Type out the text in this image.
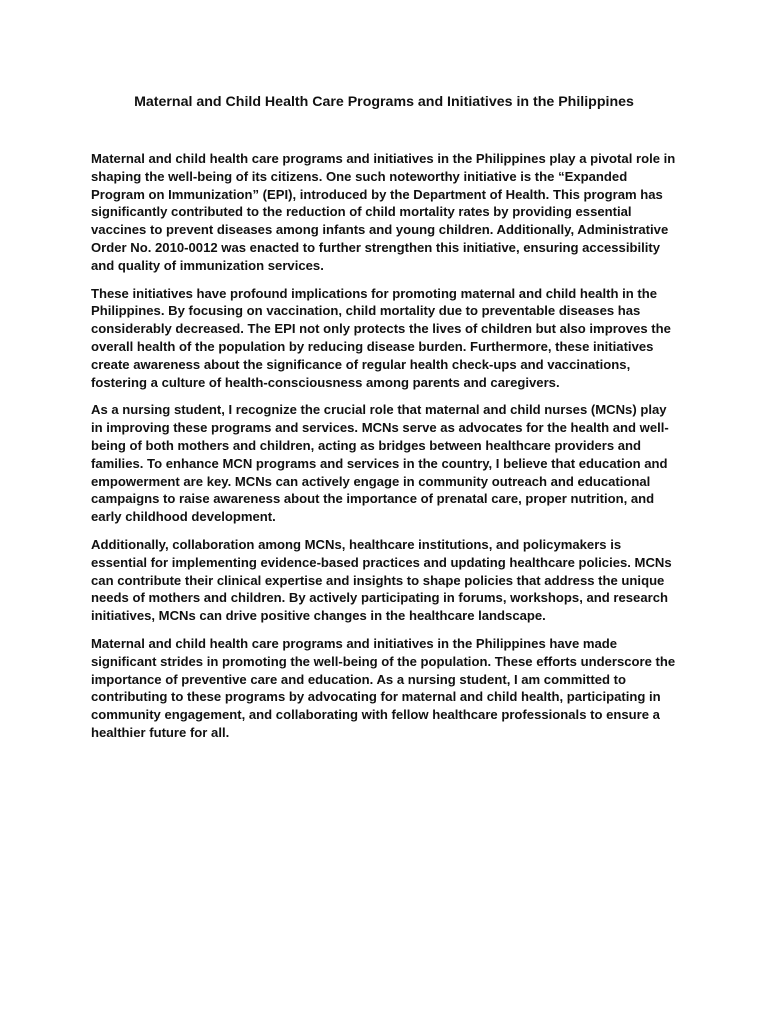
Maternal and Child Health Care Programs and Initiatives in the Philippines

Maternal and child health care programs and initiatives in the Philippines play a pivotal role in shaping the well-being of its citizens. One such noteworthy initiative is the “Expanded Program on Immunization” (EPI), introduced by the Department of Health. This program has significantly contributed to the reduction of child mortality rates by providing essential vaccines to prevent diseases among infants and young children. Additionally, Administrative Order No. 2010-0012 was enacted to further strengthen this initiative, ensuring accessibility and quality of immunization services.

These initiatives have profound implications for promoting maternal and child health in the Philippines. By focusing on vaccination, child mortality due to preventable diseases has considerably decreased. The EPI not only protects the lives of children but also improves the overall health of the population by reducing disease burden. Furthermore, these initiatives create awareness about the significance of regular health check-ups and vaccinations, fostering a culture of health-consciousness among parents and caregivers.

As a nursing student, I recognize the crucial role that maternal and child nurses (MCNs) play in improving these programs and services. MCNs serve as advocates for the health and well-being of both mothers and children, acting as bridges between healthcare providers and families. To enhance MCN programs and services in the country, I believe that education and empowerment are key. MCNs can actively engage in community outreach and educational campaigns to raise awareness about the importance of prenatal care, proper nutrition, and early childhood development.

Additionally, collaboration among MCNs, healthcare institutions, and policymakers is essential for implementing evidence-based practices and updating healthcare policies. MCNs can contribute their clinical expertise and insights to shape policies that address the unique needs of mothers and children. By actively participating in forums, workshops, and research initiatives, MCNs can drive positive changes in the healthcare landscape.

Maternal and child health care programs and initiatives in the Philippines have made significant strides in promoting the well-being of the population. These efforts underscore the importance of preventive care and education. As a nursing student, I am committed to contributing to these programs by advocating for maternal and child health, participating in community engagement, and collaborating with fellow healthcare professionals to ensure a healthier future for all.
